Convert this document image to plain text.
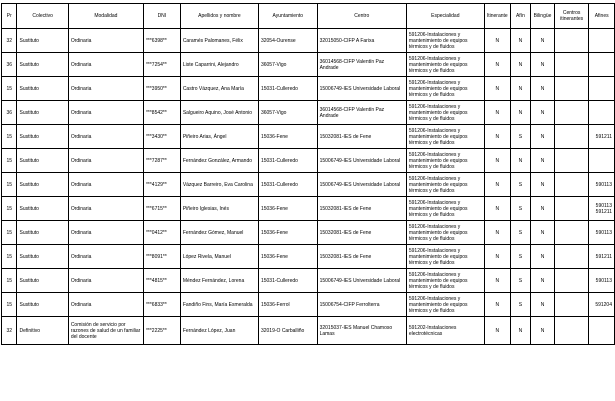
Pr	Colectivo	Modalidad	DNI	Apellidos y nombre	Ayuntamiento	Centro	Especialidad	Itinerante	Afín	Bilingüe	Centros itinerantes	Afines
32	Sustituto	Ordinaria	***6398**	Caramés Palomanes, Félix	32054-Ourense	32015050-CIFP A Farixa	591206-Instalaciones y mantenimiento de equipos térmicos y de fluidos	N	N	N		
36	Sustituto	Ordinaria	***7254**	Liste Caparrini, Alejandro	36057-Vigo	36014568-CIFP Valentín Paz Andrade	591206-Instalaciones y mantenimiento de equipos térmicos y de fluidos	N	N	N		
15	Sustituto	Ordinaria	***3950**	Castro Vázquez, Ana María	15031-Culleredo	15006749-IES Universidade Laboral	591206-Instalaciones y mantenimiento de equipos térmicos y de fluidos	N	N	N		
36	Sustituto	Ordinaria	***8542**	Salgueiro Aquino, José Antonio	36057-Vigo	36014568-CIFP Valentín Paz Andrade	591206-Instalaciones y mantenimiento de equipos térmicos y de fluidos	N	N	N		
15	Sustituto	Ordinaria	***3430**	Piñeiro Arias, Ángel	15036-Fene	15032081-IES de Fene	591206-Instalaciones y mantenimiento de equipos térmicos y de fluidos	N	S	N		591211
15	Sustituto	Ordinaria	***7287**	Fernández González, Armando	15031-Culleredo	15006749-IES Universidade Laboral	591206-Instalaciones y mantenimiento de equipos térmicos y de fluidos	N	N	N		
15	Sustituto	Ordinaria	***4129**	Vázquez Barreiro, Eva Carolina	15031-Culleredo	15006749-IES Universidade Laboral	591206-Instalaciones y mantenimiento de equipos térmicos y de fluidos	N	S	N		590113
15	Sustituto	Ordinaria	***6715**	Piñeiro Iglesias, Inés	15036-Fene	15032081-IES de Fene	591206-Instalaciones y mantenimiento de equipos térmicos y de fluidos	N	S	N		590113 591211
15	Sustituto	Ordinaria	***0412**	Fernández Gómez, Manuel	15036-Fene	15032081-IES de Fene	591206-Instalaciones y mantenimiento de equipos térmicos y de fluidos	N	S	N		590113
15	Sustituto	Ordinaria	***8091**	López Rivela, Manuel	15036-Fene	15032081-IES de Fene	591206-Instalaciones y mantenimiento de equipos térmicos y de fluidos	N	S	N		591211
15	Sustituto	Ordinaria	***4815**	Méndez Fernández, Lorena	15031-Culleredo	15006749-IES Universidade Laboral	591206-Instalaciones y mantenimiento de equipos térmicos y de fluidos	N	S	N		590113
15	Sustituto	Ordinaria	***6833**	Fandiño Fins, María Esmeralda	15036-Ferrol	15006754-CIFP Ferrolterra	591206-Instalaciones y mantenimiento de equipos térmicos y de fluidos	N	S	N		591204
32	Definitivo	Comisión de servicio por razones de salud de un familiar del docente	***2225**	Fernández López, Juan	32019-O Carballiño	32015037-IES Manuel Chamoso Lamas	591202-Instalaciones electrotécnicas	N	N	N		
